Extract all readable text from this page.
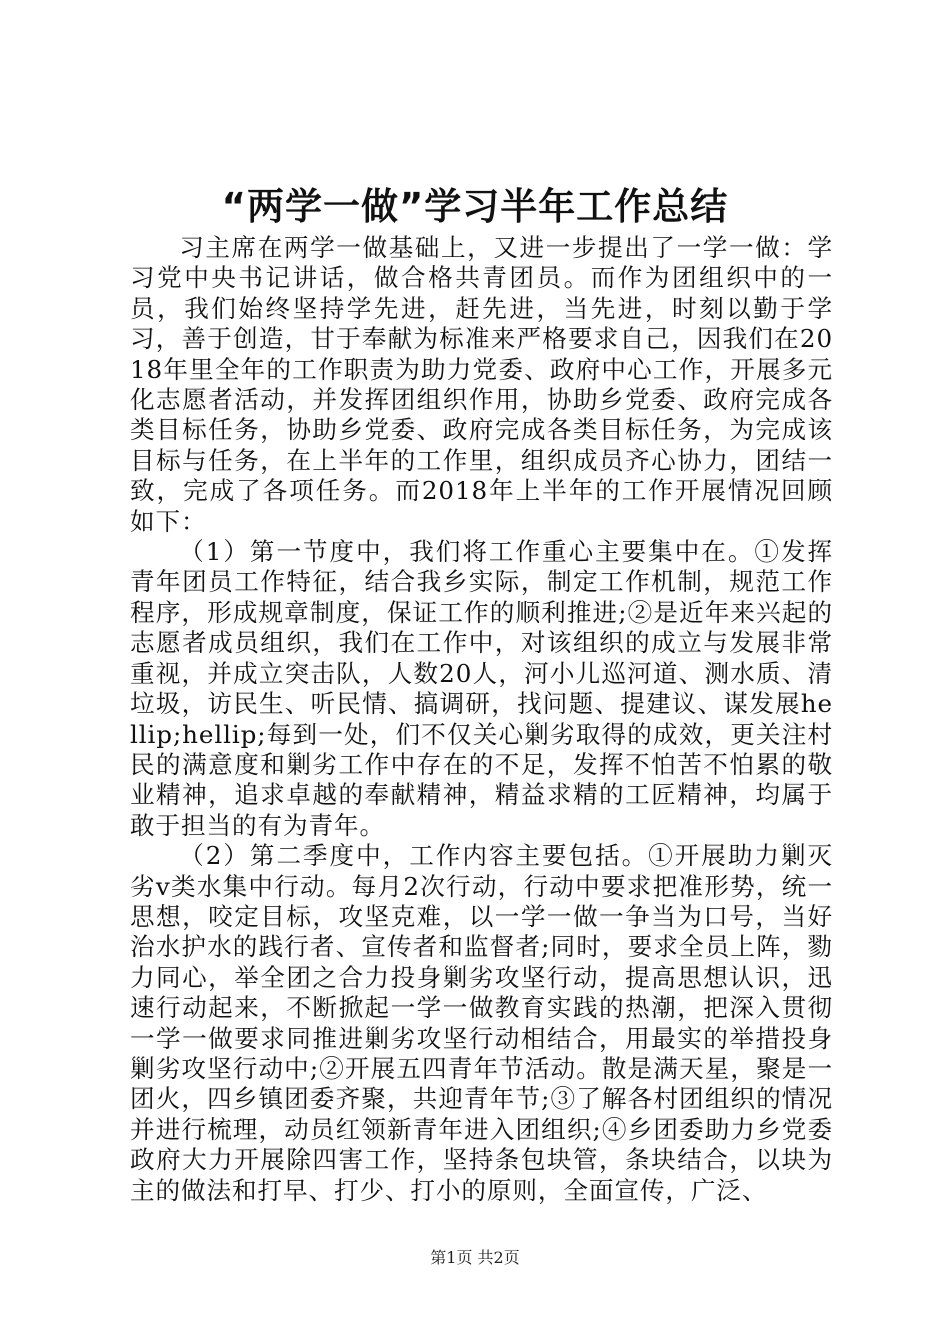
“两学一做”学习半年工作总结

习主席在两学一做基础上，又进一步提出了一学一做：学习党中央书记讲话，做合格共青团员。而作为团组织中的一员，我们始终坚持学先进，赶先进，当先进，时刻以勤于学习，善于创造，甘于奉献为标准来严格要求自己，因我们在2018年里全年的工作职责为助力党委、政府中心工作，开展多元化志愿者活动，并发挥团组织作用，协助乡党委、政府完成各类目标任务，协助乡党委、政府完成各类目标任务，为完成该目标与任务，在上半年的工作里，组织成员齐心协力，团结一致，完成了各项任务。而2018年上半年的工作开展情况回顾如下：

（1）第一节度中，我们将工作重心主要集中在。①发挥青年团员工作特征，结合我乡实际，制定工作机制，规范工作程序，形成规章制度，保证工作的顺利推进;②是近年来兴起的志愿者成员组织，我们在工作中，对该组织的成立与发展非常重视，并成立突击队，人数20人，河小儿巡河道、测水质、清垃圾，访民生、听民情、搞调研，找问题、提建议、谋发展hellip;hellip;每到一处，们不仅关心剿劣取得的成效，更关注村民的满意度和剿劣工作中存在的不足，发挥不怕苦不怕累的敬业精神，追求卓越的奉献精神，精益求精的工匠精神，均属于敢于担当的有为青年。

（2）第二季度中，工作内容主要包括。①开展助力剿灭劣v类水集中行动。每月2次行动，行动中要求把准形势，统一思想，咬定目标，攻坚克难，以一学一做一争当为口号，当好治水护水的践行者、宣传者和监督者;同时，要求全员上阵，勠力同心，举全团之合力投身剿劣攻坚行动，提高思想认识，迅速行动起来，不断掀起一学一做教育实践的热潮，把深入贯彻一学一做要求同推进剿劣攻坚行动相结合，用最实的举措投身剿劣攻坚行动中;②开展五四青年节活动。散是满天星，聚是一团火，四乡镇团委齐聚，共迎青年节;③了解各村团组织的情况并进行梳理，动员红领新青年进入团组织;④乡团委助力乡党委政府大力开展除四害工作，坚持条包块管，条块结合，以块为主的做法和打早、打少、打小的原则，全面宣传，广泛、

第1页 共2页
